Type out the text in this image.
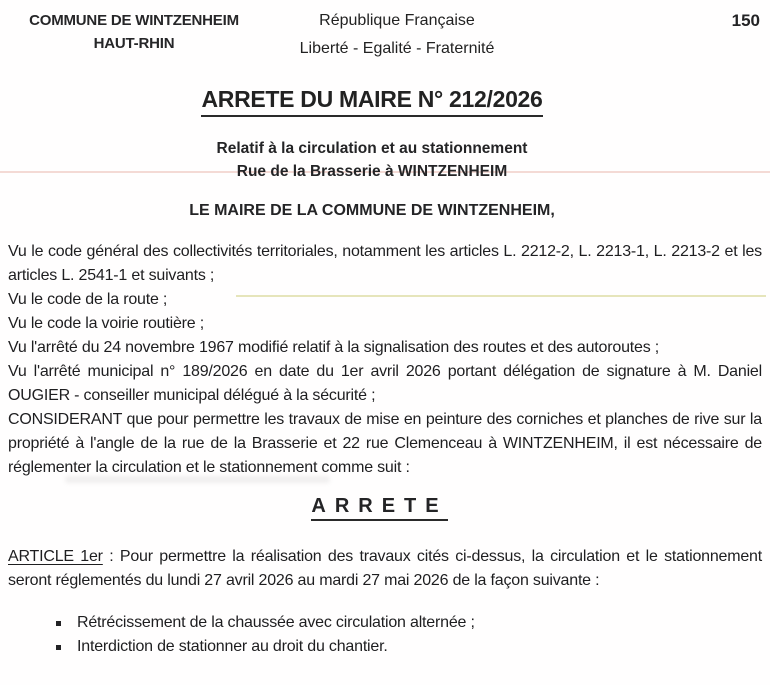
COMMUNE DE WINTZENHEIM
HAUT-RHIN
République Française
Liberté - Egalité - Fraternité
150
ARRETE DU MAIRE N° 212/2026
Relatif à la circulation et au stationnement
Rue de la Brasserie à WINTZENHEIM
LE MAIRE DE LA COMMUNE DE WINTZENHEIM,

Vu le code général des collectivités territoriales, notamment les articles L. 2212-2, L. 2213-1, L. 2213-2 et les articles L. 2541-1 et suivants ;

Vu le code de la route ;

Vu le code la voirie routière ;

Vu l'arrêté du 24 novembre 1967 modifié relatif à la signalisation des routes et des autoroutes ;

Vu l'arrêté municipal n° 189/2026 en date du 1er avril 2026 portant délégation de signature à M. Daniel OUGIER - conseiller municipal délégué à la sécurité ;

CONSIDERANT que pour permettre les travaux de mise en peinture des corniches et planches de rive sur la propriété à l'angle de la rue de la Brasserie et 22 rue Clemenceau à WINTZENHEIM, il est nécessaire de réglementer la circulation et le stationnement comme suit :

ARRETE

ARTICLE 1er : Pour permettre la réalisation des travaux cités ci-dessus, la circulation et le stationnement seront réglementés du lundi 27 avril 2026 au mardi 27 mai 2026 de la façon suivante :

Rétrécissement de la chaussée avec circulation alternée ;
Interdiction de stationner au droit du chantier.
